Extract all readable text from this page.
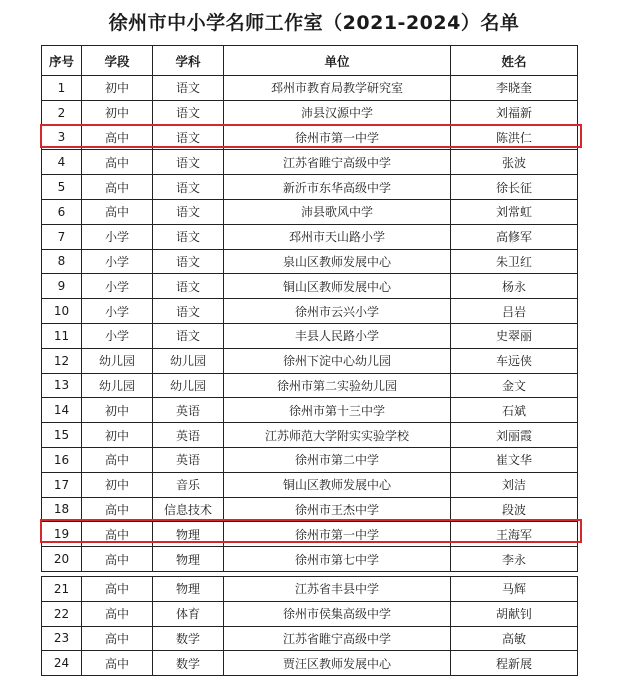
徐州市中小学名师工作室（2021-2024）名单
序号	学段	学科	单位	姓名
1	初中	语文	邳州市教育局教学研究室	李晓奎
2	初中	语文	沛县汉源中学	刘福新
3	高中	语文	徐州市第一中学	陈洪仁
4	高中	语文	江苏省睢宁高级中学	张波
5	高中	语文	新沂市东华高级中学	徐长征
6	高中	语文	沛县歌风中学	刘常虹
7	小学	语文	邳州市天山路小学	高修军
8	小学	语文	泉山区教师发展中心	朱卫红
9	小学	语文	铜山区教师发展中心	杨永
10	小学	语文	徐州市云兴小学	吕岩
11	小学	语文	丰县人民路小学	史翠丽
12	幼儿园	幼儿园	徐州下淀中心幼儿园	车远侠
13	幼儿园	幼儿园	徐州市第二实验幼儿园	金文
14	初中	英语	徐州市第十三中学	石斌
15	初中	英语	江苏师范大学附实实验学校	刘丽霞
16	高中	英语	徐州市第二中学	崔文华
17	初中	音乐	铜山区教师发展中心	刘洁
18	高中	信息技术	徐州市王杰中学	段波
19	高中	物理	徐州市第一中学	王海军
20	高中	物理	徐州市第七中学	李永
21	高中	物理	江苏省丰县中学	马辉
22	高中	体育	徐州市侯集高级中学	胡献钊
23	高中	数学	江苏省睢宁高级中学	高敏
24	高中	数学	贾汪区教师发展中心	程新展
